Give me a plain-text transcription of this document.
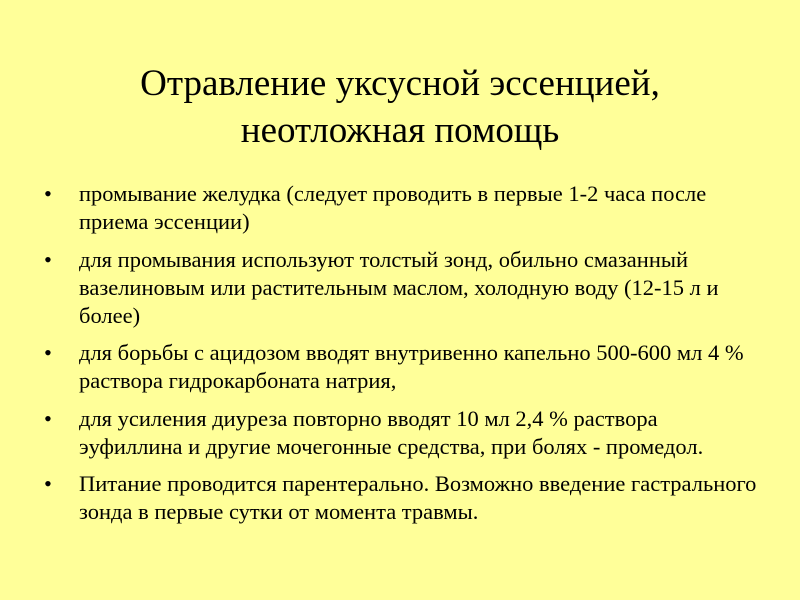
Отравление уксусной эссенцией,
неотложная помощь
• промывание желудка (следует проводить в первые 1-2 часа после приема эссенции)
• для промывания используют толстый зонд, обильно смазанный вазелиновым или растительным маслом, холодную воду (12-15 л и более)
• для борьбы с ацидозом вводят внутривенно капельно 500-600 мл 4 % раствора гидрокарбоната натрия,
• для усиления диуреза повторно вводят 10 мл 2,4 % раствора эуфиллина и другие мочегонные средства, при болях - промедол.
• Питание проводится парентерально. Возможно введение гастрального зонда в первые сутки от момента травмы.
